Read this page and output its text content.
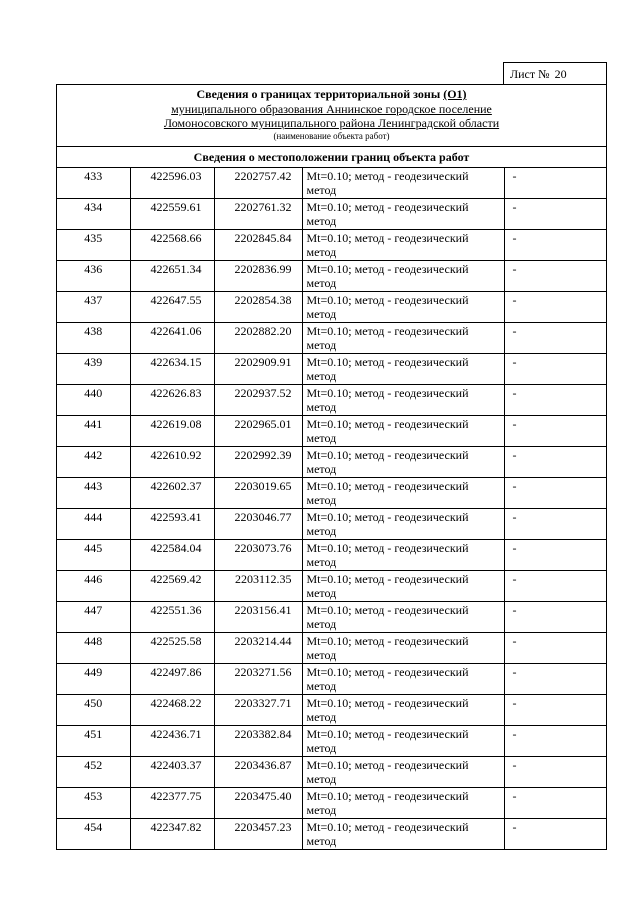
Лист № 20
Сведения о границах территориальной зоны (О1)
муниципального образования Аннинское городское поселение
Ломоносовского муниципального района Ленинградской области
(наименование объекта работ)
Сведения о местоположении границ объекта работ
433	422596.03	2202757.42	Mt=0.10; метод - геодезический метод	-
434	422559.61	2202761.32	Mt=0.10; метод - геодезический метод	-
435	422568.66	2202845.84	Mt=0.10; метод - геодезический метод	-
436	422651.34	2202836.99	Mt=0.10; метод - геодезический метод	-
437	422647.55	2202854.38	Mt=0.10; метод - геодезический метод	-
438	422641.06	2202882.20	Mt=0.10; метод - геодезический метод	-
439	422634.15	2202909.91	Mt=0.10; метод - геодезический метод	-
440	422626.83	2202937.52	Mt=0.10; метод - геодезический метод	-
441	422619.08	2202965.01	Mt=0.10; метод - геодезический метод	-
442	422610.92	2202992.39	Mt=0.10; метод - геодезический метод	-
443	422602.37	2203019.65	Mt=0.10; метод - геодезический метод	-
444	422593.41	2203046.77	Mt=0.10; метод - геодезический метод	-
445	422584.04	2203073.76	Mt=0.10; метод - геодезический метод	-
446	422569.42	2203112.35	Mt=0.10; метод - геодезический метод	-
447	422551.36	2203156.41	Mt=0.10; метод - геодезический метод	-
448	422525.58	2203214.44	Mt=0.10; метод - геодезический метод	-
449	422497.86	2203271.56	Mt=0.10; метод - геодезический метод	-
450	422468.22	2203327.71	Mt=0.10; метод - геодезический метод	-
451	422436.71	2203382.84	Mt=0.10; метод - геодезический метод	-
452	422403.37	2203436.87	Mt=0.10; метод - геодезический метод	-
453	422377.75	2203475.40	Mt=0.10; метод - геодезический метод	-
454	422347.82	2203457.23	Mt=0.10; метод - геодезический метод	-
